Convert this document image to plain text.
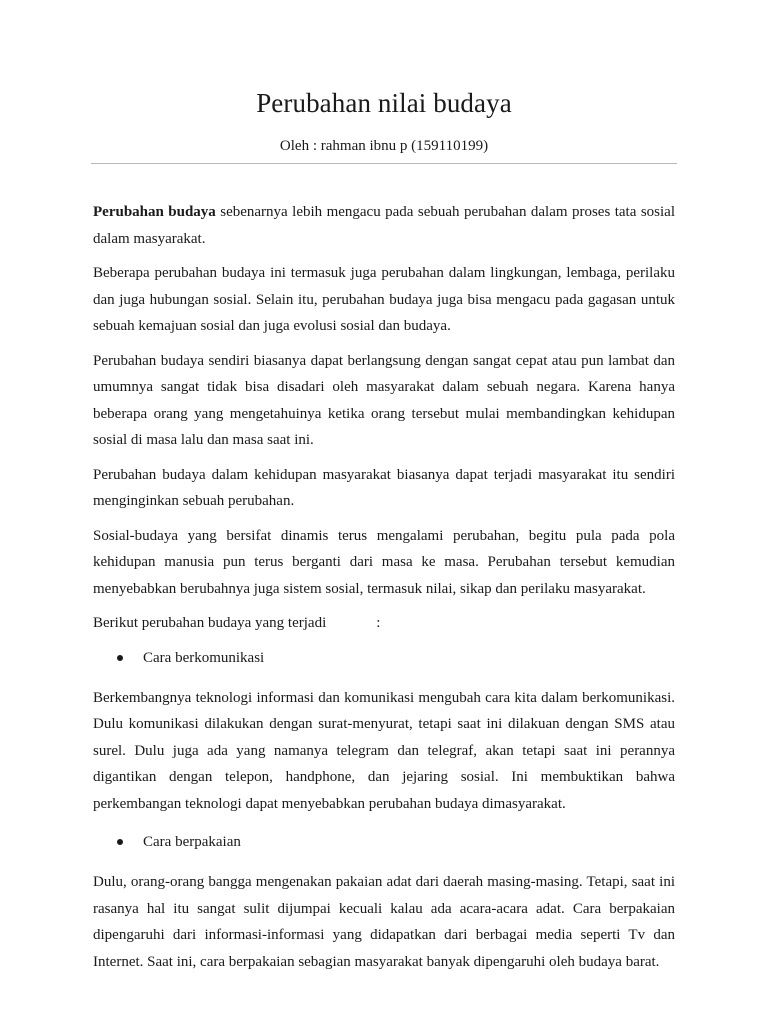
Perubahan nilai budaya
Oleh : rahman ibnu p (159110199)

Perubahan budaya sebenarnya lebih mengacu pada sebuah perubahan dalam proses tata sosial dalam masyarakat.

Beberapa perubahan budaya ini termasuk juga perubahan dalam lingkungan, lembaga, perilaku dan juga hubungan sosial. Selain itu, perubahan budaya juga bisa mengacu pada gagasan untuk sebuah kemajuan sosial dan juga evolusi sosial dan budaya.

Perubahan budaya sendiri biasanya dapat berlangsung dengan sangat cepat atau pun lambat dan umumnya sangat tidak bisa disadari oleh masyarakat dalam sebuah negara. Karena hanya beberapa orang yang mengetahuinya ketika orang tersebut mulai membandingkan kehidupan sosial di masa lalu dan masa saat ini.

Perubahan budaya dalam kehidupan masyarakat biasanya dapat terjadi masyarakat itu sendiri menginginkan sebuah perubahan.

Sosial-budaya yang bersifat dinamis terus mengalami perubahan, begitu pula pada pola kehidupan manusia pun terus berganti dari masa ke masa. Perubahan tersebut kemudian menyebabkan berubahnya juga sistem sosial, termasuk nilai, sikap dan perilaku masyarakat.

Berikut perubahan budaya yang terjadi	:

Cara berkomunikasi

Berkembangnya teknologi informasi dan komunikasi mengubah cara kita dalam berkomunikasi. Dulu komunikasi dilakukan dengan surat-menyurat, tetapi saat ini dilakuan dengan SMS atau surel. Dulu juga ada yang namanya telegram dan telegraf, akan tetapi saat ini perannya digantikan dengan telepon, handphone, dan jejaring sosial. Ini membuktikan bahwa perkembangan teknologi dapat menyebabkan perubahan budaya dimasyarakat.

Cara berpakaian

Dulu, orang-orang bangga mengenakan pakaian adat dari daerah masing-masing. Tetapi, saat ini rasanya hal itu sangat sulit dijumpai kecuali kalau ada acara-acara adat. Cara berpakaian dipengaruhi dari informasi-informasi yang didapatkan dari berbagai media seperti Tv dan Internet. Saat ini, cara berpakaian sebagian masyarakat banyak dipengaruhi oleh budaya barat.
